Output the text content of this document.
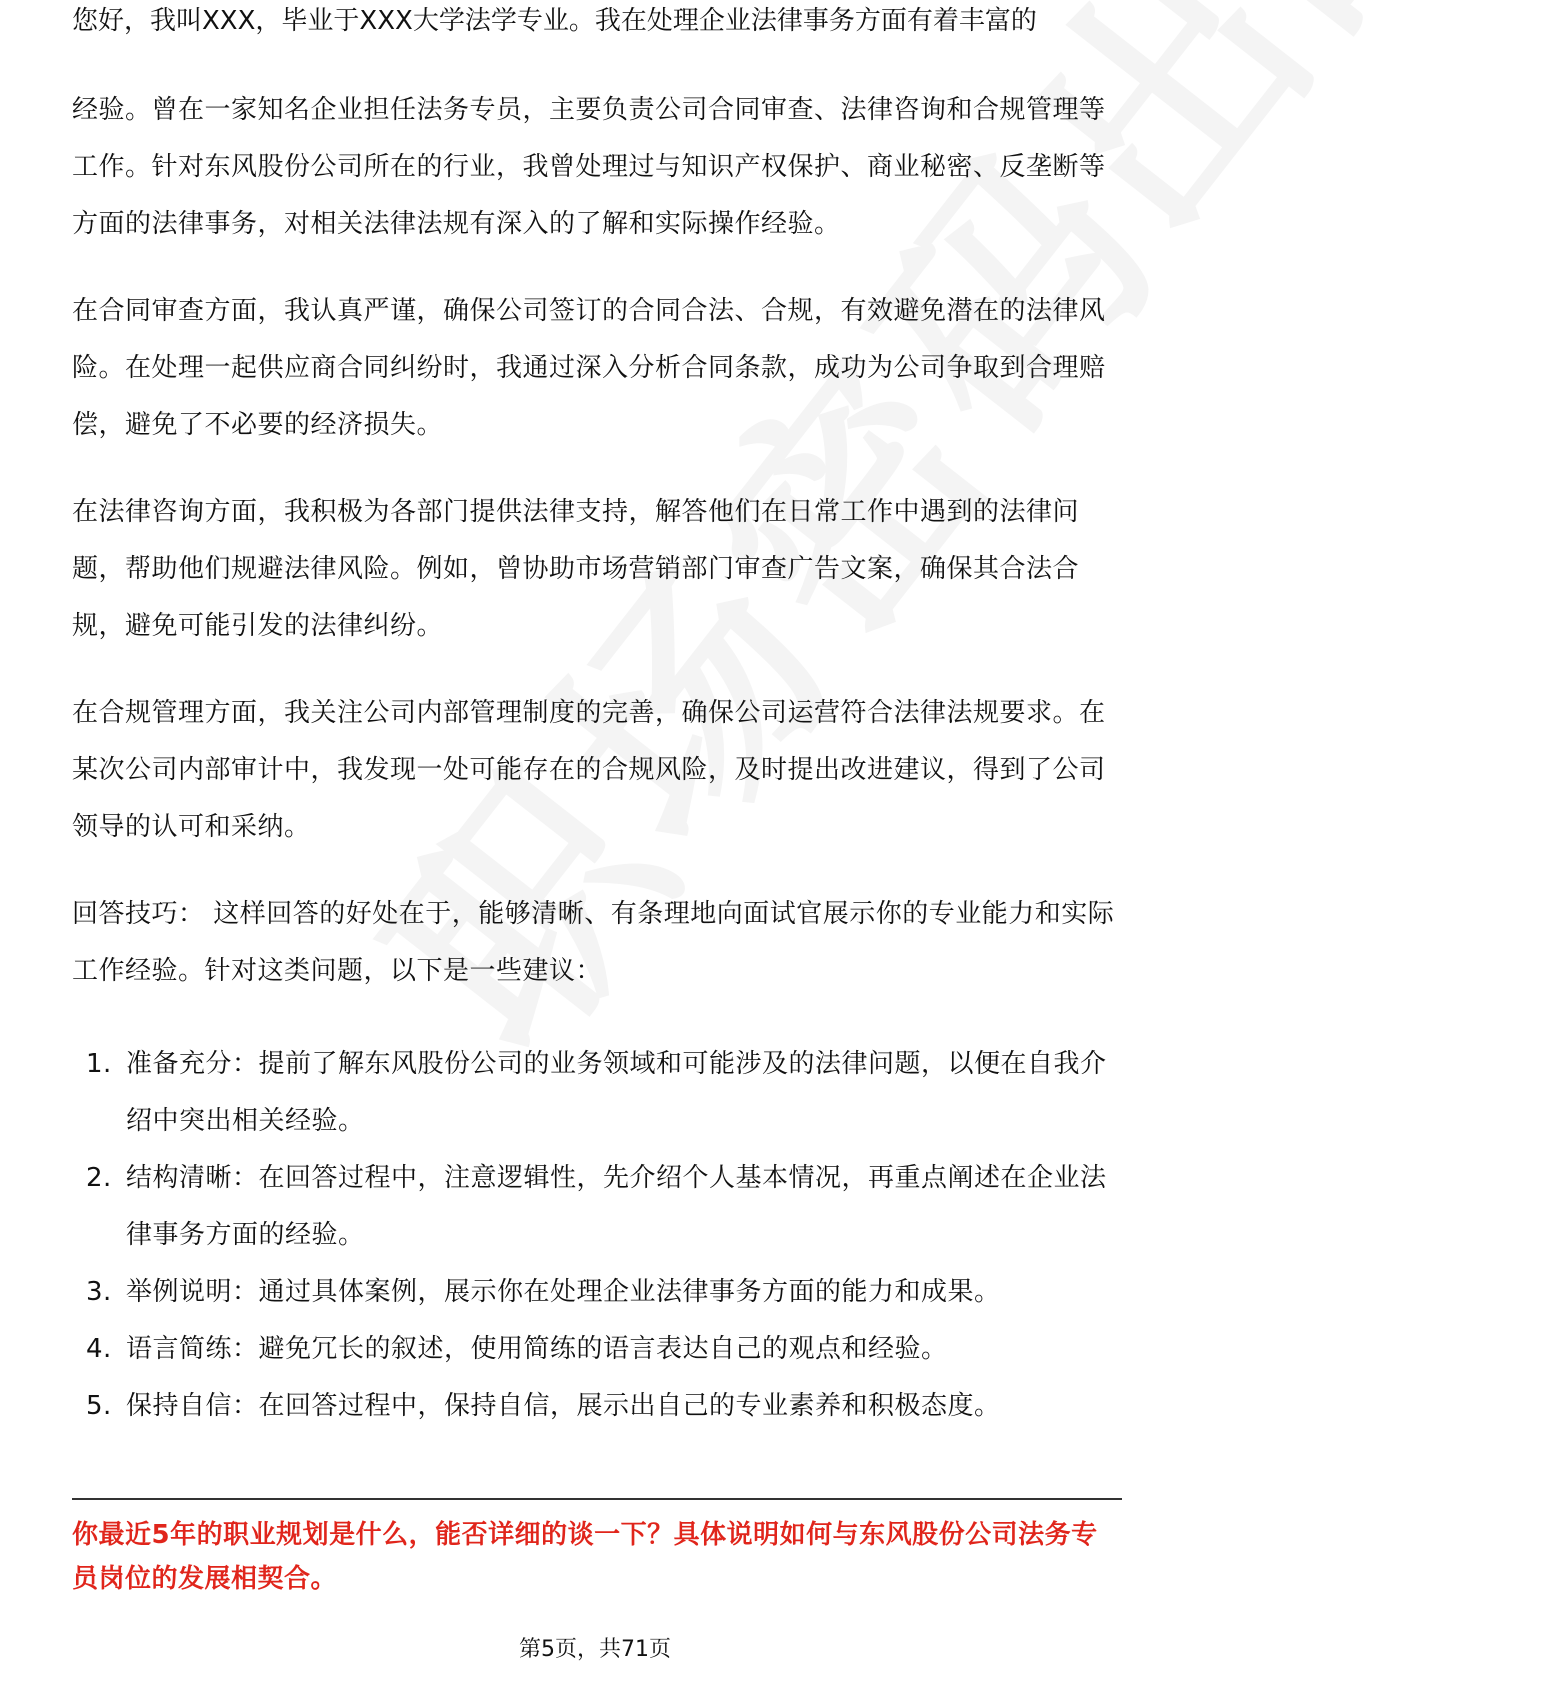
您好，我叫XXX，毕业于XXX大学法学专业。我在处理企业法律事务方面有着丰富的

经验。曾在一家知名企业担任法务专员，主要负责公司合同审查、法律咨询和合规管理等工作。针对东风股份公司所在的行业，我曾处理过与知识产权保护、商业秘密、反垄断等方面的法律事务，对相关法律法规有深入的了解和实际操作经验。

在合同审查方面，我认真严谨，确保公司签订的合同合法、合规，有效避免潜在的法律风险。在处理一起供应商合同纠纷时，我通过深入分析合同条款，成功为公司争取到合理赔偿，避免了不必要的经济损失。

在法律咨询方面，我积极为各部门提供法律支持，解答他们在日常工作中遇到的法律问题，帮助他们规避法律风险。例如，曾协助市场营销部门审查广告文案，确保其合法合规，避免可能引发的法律纠纷。

在合规管理方面，我关注公司内部管理制度的完善，确保公司运营符合法律法规要求。在某次公司内部审计中，我发现一处可能存在的合规风险，及时提出改进建议，得到了公司领导的认可和采纳。

回答技巧： 这样回答的好处在于，能够清晰、有条理地向面试官展示你的专业能力和实际工作经验。针对这类问题，以下是一些建议：

1. 准备充分：提前了解东风股份公司的业务领域和可能涉及的法律问题，以便在自我介绍中突出相关经验。
2. 结构清晰：在回答过程中，注意逻辑性，先介绍个人基本情况，再重点阐述在企业法律事务方面的经验。
3. 举例说明：通过具体案例，展示你在处理企业法律事务方面的能力和成果。
4. 语言简练：避免冗长的叙述，使用简练的语言表达自己的观点和经验。
5. 保持自信：在回答过程中，保持自信，展示出自己的专业素养和积极态度。
你最近5年的职业规划是什么，能否详细的谈一下？具体说明如何与东风股份公司法务专员岗位的发展相契合。
第5页，共71页
